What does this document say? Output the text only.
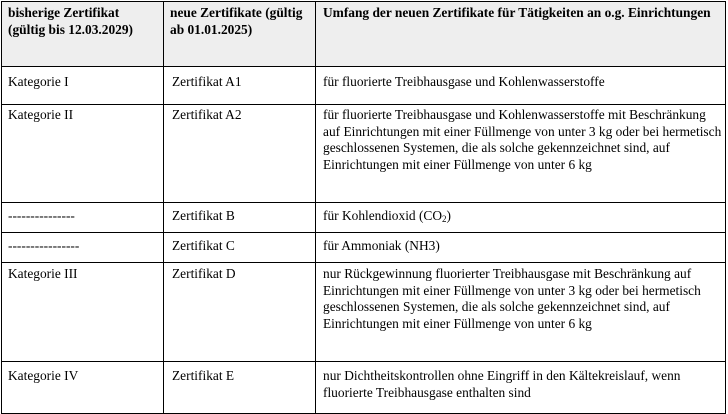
bisherige Zertifikat (gültig bis 12.03.2029)	neue Zertifikate (gültig ab 01.01.2025)	Umfang der neuen Zertifikate für Tätigkeiten an o.g. Einrichtungen
Kategorie I	Zertifikat A1	für fluorierte Treibhausgase und Kohlenwasserstoffe
Kategorie II	Zertifikat A2	für fluorierte Treibhausgase und Kohlenwasserstoffe mit Beschränkung auf Einrichtungen mit einer Füllmenge von unter 3 kg oder bei hermetisch geschlossenen Systemen, die als solche gekennzeichnet sind, auf Einrichtungen mit einer Füllmenge von unter 6 kg
---------------	Zertifikat B	für Kohlendioxid $(CO_2)$
----------------	Zertifikat C	für Ammoniak (NH3)
Kategorie III	Zertifikat D	nur Rückgewinnung fluorierter Treibhausgase mit Beschränkung auf Einrichtungen mit einer Füllmenge von unter 3 kg oder bei hermetisch geschlossenen Systemen, die als solche gekennzeichnet sind, auf Einrichtungen mit einer Füllmenge von unter 6 kg
Kategorie IV	Zertifikat E	nur Dichtheitskontrollen ohne Eingriff in den Kältekreislauf, wenn fluorierte Treibhausgase enthalten sind
